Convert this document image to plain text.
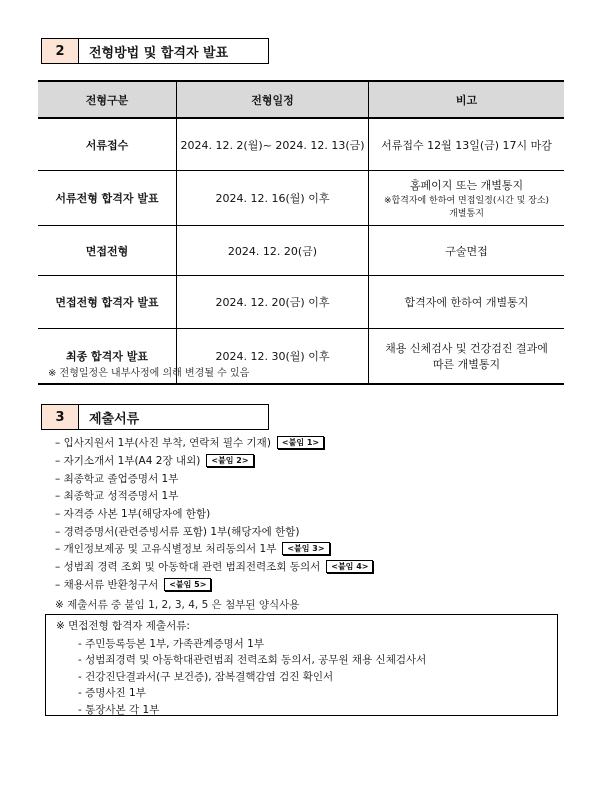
2	전형방법 및 합격자 발표
전형구분	전형일정	비고
서류접수	2024. 12. 2(월)~ 2024. 12. 13(금)	서류접수 12월 13일(금) 17시 마감
서류전형 합격자 발표	2024. 12. 16(월) 이후	홈페이지 또는 개별통지
※합격자에 한하여 면접일정(시간 및 장소)
개별통지

면접전형	2024. 12. 20(금)	구술면접
면접전형 합격자 발표	2024. 12. 20(금) 이후	합격자에 한하여 개별통지
최종 합격자 발표	2024. 12. 30(월) 이후	채용 신체검사 및 건강검진 결과에
따른 개별통지
※ 전형일정은 내부사정에 의해 변경될 수 있음
3	제출서류
– 입사지원서 1부(사진 부착, 연락처 필수 기재)	<붙임 1>
– 자기소개서 1부(A4 2장 내외)	<붙임 2>
– 최종학교 졸업증명서 1부
– 최종학교 성적증명서 1부
– 자격증 사본 1부(해당자에 한함)
– 경력증명서(관련증빙서류 포함) 1부(해당자에 한함)
– 개인정보제공 및 고유식별정보 처리동의서 1부	<붙임 3>
– 성범죄 경력 조회 및 아동학대 관련 범죄전력조회 동의서	<붙임 4>
– 채용서류 반환청구서	<붙임 5>
※ 제출서류 중 붙임 1, 2, 3, 4, 5 은 첨부된 양식사용
※ 면접전형 합격자 제출서류:
- 주민등록등본 1부, 가족관계증명서 1부
- 성범죄경력 및 아동학대관련범죄 전력조회 동의서, 공무원 채용 신체검사서
- 건강진단결과서(구 보건증), 잠복결핵감염 검진 확인서
- 증명사진 1부
- 통장사본 각 1부
